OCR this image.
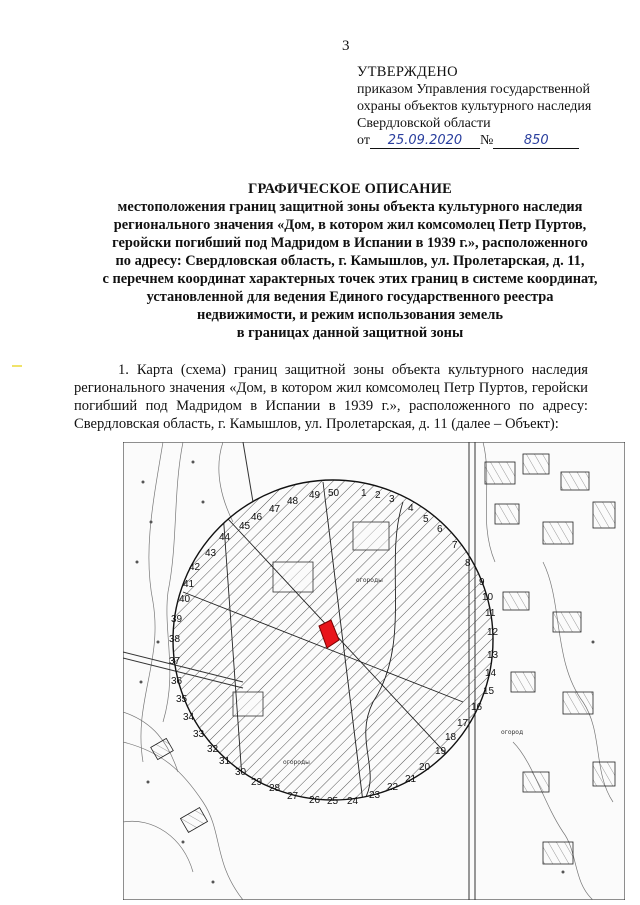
3
УТВЕРЖДЕНО
приказом Управления государственной
охраны объектов культурного наследия
Свердловской области
от	25.09.2020	№	850
ГРАФИЧЕСКОЕ ОПИСАНИЕ
местоположения границ защитной зоны объекта культурного наследия
регионального значения «Дом, в котором жил комсомолец Петр Пуртов,
геройски погибший под Мадридом в Испании в 1939 г.», расположенного
по адресу: Свердловская область, г. Камышлов, ул. Пролетарская, д. 11,
с перечнем координат характерных точек этих границ в системе координат,
установленной для ведения Единого государственного реестра
недвижимости, и режим использования земель
в границах данной защитной зоны
1. Карта (схема) границ защитной зоны объекта культурного наследия регионального значения «Дом, в котором жил комсомолец Петр Пуртов, геройски погибший под Мадридом в Испании в 1939 г.», расположенного по адресу: Свердловская область, г. Камышлов, ул. Пролетарская, д. 11 (далее – Объект):
огороды
огороды
огород
1 2 3
4
5
6
7
8
9
10
11
12
13
14
15
16
17
18
19
20
21
22
23
24
25
26
27
28
29
30
31
32
33
34
35
36
37
38
39
40
41
42
43
44
45
46
47
48
49 50
